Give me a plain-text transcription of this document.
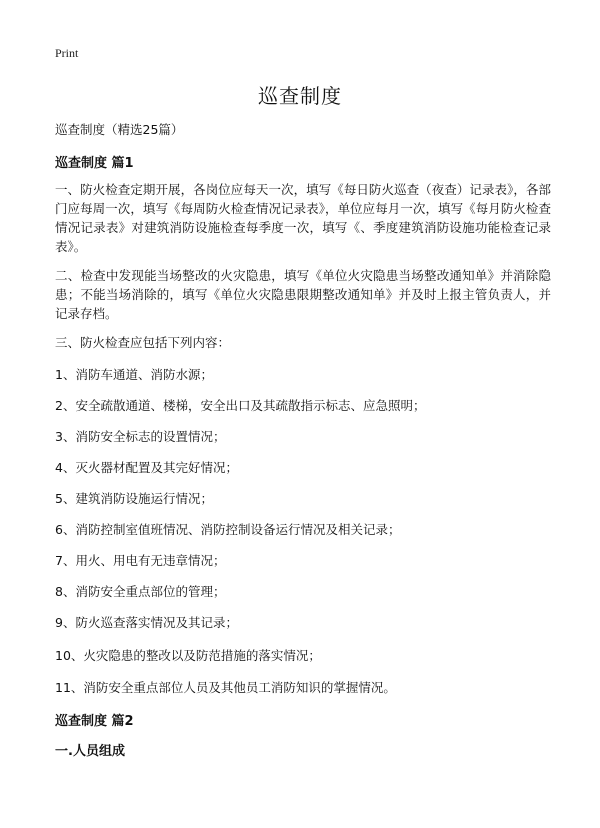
Print
巡查制度
巡查制度（精选25篇）
巡查制度 篇1
一、防火检查定期开展，各岗位应每天一次，填写《每日防火巡查（夜查）记录表》，各部门应每周一次，填写《每周防火检查情况记录表》，单位应每月一次，填写《每月防火检查情况记录表》对建筑消防设施检查每季度一次，填写《、季度建筑消防设施功能检查记录表》。
二、检查中发现能当场整改的火灾隐患，填写《单位火灾隐患当场整改通知单》并消除隐患；不能当场消除的，填写《单位火灾隐患限期整改通知单》并及时上报主管负责人，并记录存档。
三、防火检查应包括下列内容：
1、消防车通道、消防水源；
2、安全疏散通道、楼梯，安全出口及其疏散指示标志、应急照明；
3、消防安全标志的设置情况；
4、灭火器材配置及其完好情况；
5、建筑消防设施运行情况；
6、消防控制室值班情况、消防控制设备运行情况及相关记录；
7、用火、用电有无违章情况；
8、消防安全重点部位的管理；
9、防火巡查落实情况及其记录；
10、火灾隐患的整改以及防范措施的落实情况；
11、消防安全重点部位人员及其他员工消防知识的掌握情况。
巡查制度 篇2
一.人员组成
